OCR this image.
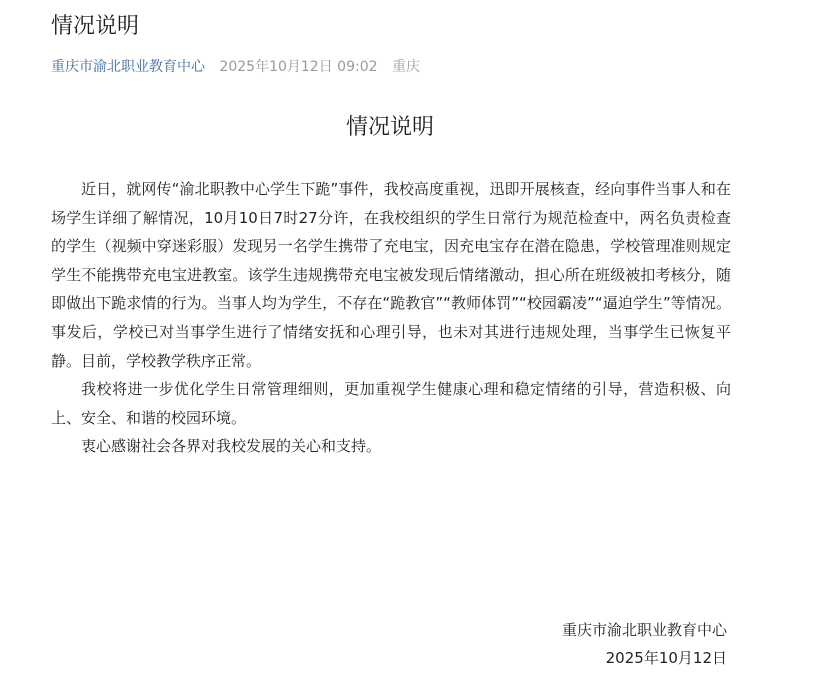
情况说明
重庆市渝北职业教育中心 2025年10月12日 09:02 重庆
情况说明

近日，就网传“渝北职教中心学生下跪”事件，我校高度重视，迅即开展核查，经向事件当事人和在场学生详细了解情况，10月10日7时27分许，在我校组织的学生日常行为规范检查中，两名负责检查的学生（视频中穿迷彩服）发现另一名学生携带了充电宝，因充电宝存在潜在隐患，学校管理准则规定学生不能携带充电宝进教室。该学生违规携带充电宝被发现后情绪激动，担心所在班级被扣考核分，随即做出下跪求情的行为。当事人均为学生，不存在“跪教官”“教师体罚”“校园霸凌”“逼迫学生”等情况。事发后，学校已对当事学生进行了情绪安抚和心理引导，也未对其进行违规处理，当事学生已恢复平静。目前，学校教学秩序正常。

我校将进一步优化学生日常管理细则，更加重视学生健康心理和稳定情绪的引导，营造积极、向上、安全、和谐的校园环境。

衷心感谢社会各界对我校发展的关心和支持。

重庆市渝北职业教育中心
2025年10月12日
